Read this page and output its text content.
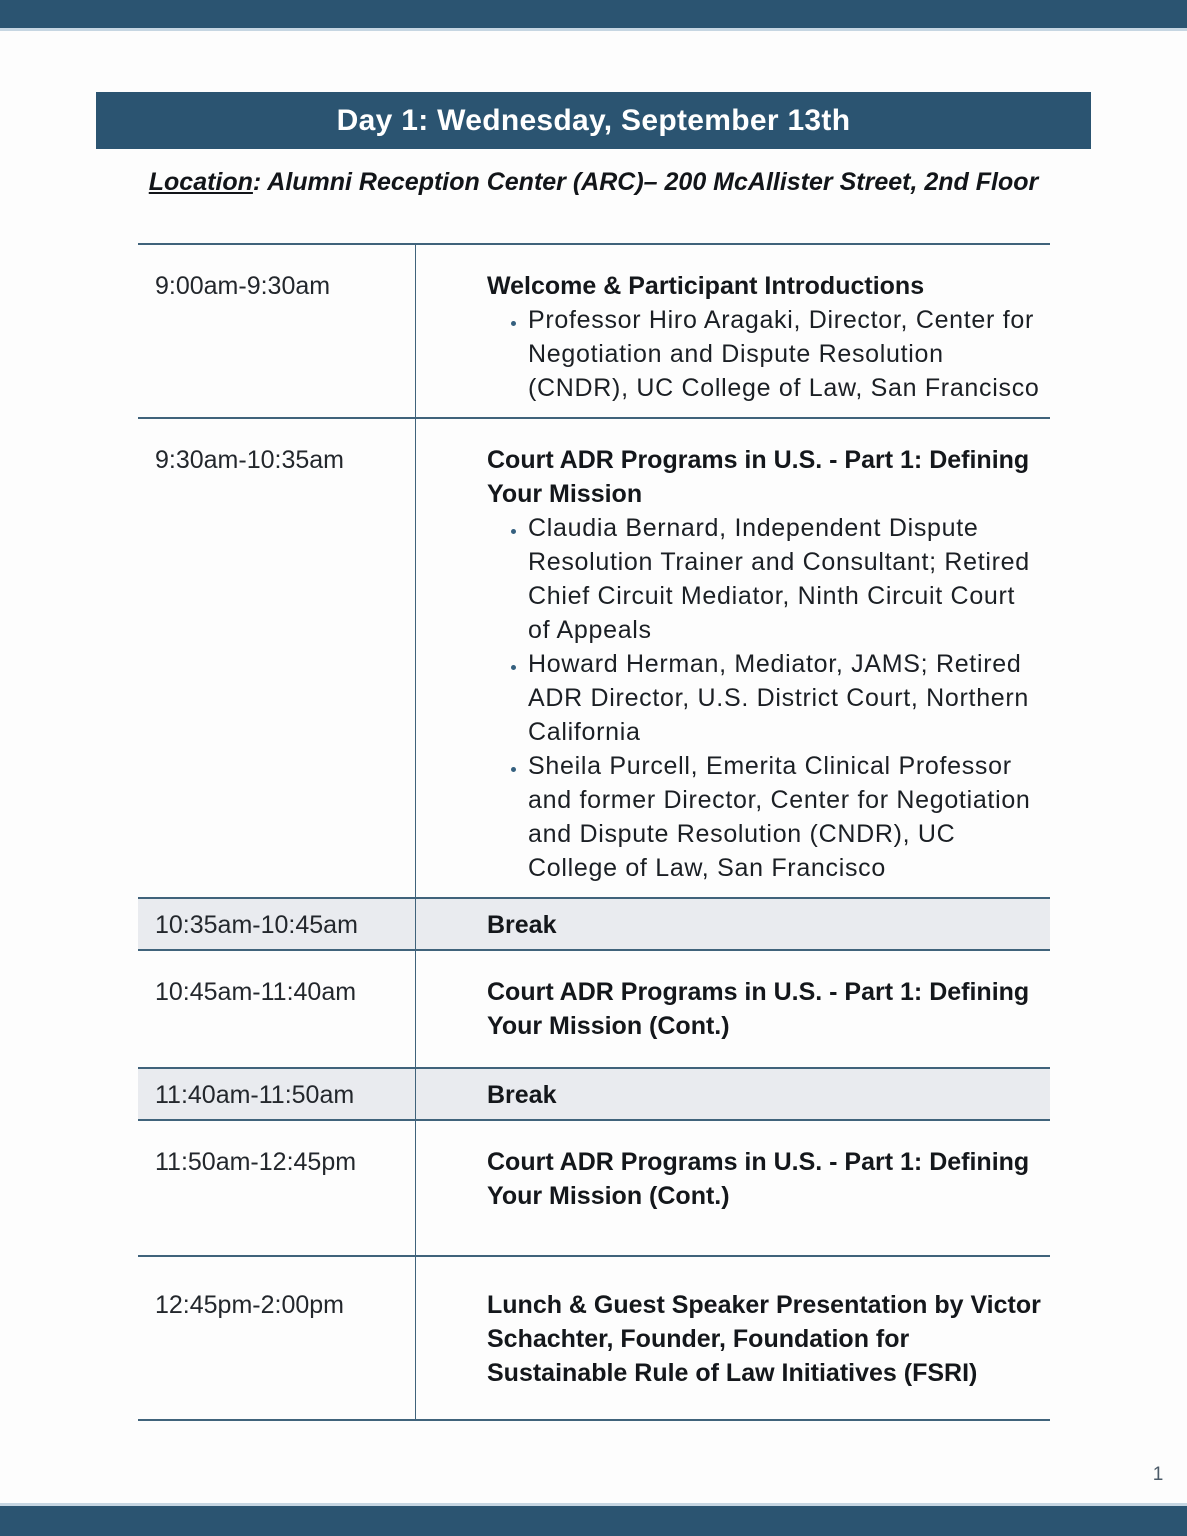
Day 1: Wednesday, September 13th
Location: Alumni Reception Center (ARC)– 200 McAllister Street, 2nd Floor
9:00am-9:30am	Welcome & Participant Introductions
• Professor Hiro Aragaki, Director, Center for Negotiation and Dispute Resolution (CNDR), UC College of Law, San Francisco
9:30am-10:35am	Court ADR Programs in U.S. - Part 1: Defining Your Mission
• Claudia Bernard, Independent Dispute Resolution Trainer and Consultant; Retired Chief Circuit Mediator, Ninth Circuit Court of Appeals
• Howard Herman, Mediator, JAMS; Retired ADR Director, U.S. District Court, Northern California
• Sheila Purcell, Emerita Clinical Professor and former Director, Center for Negotiation and Dispute Resolution (CNDR), UC College of Law, San Francisco
10:35am-10:45am	Break
10:45am-11:40am	Court ADR Programs in U.S. - Part 1: Defining Your Mission (Cont.)
11:40am-11:50am	Break
11:50am-12:45pm	Court ADR Programs in U.S. - Part 1: Defining Your Mission (Cont.)
12:45pm-2:00pm	Lunch & Guest Speaker Presentation by Victor Schachter, Founder, Foundation for Sustainable Rule of Law Initiatives (FSRI)
1
